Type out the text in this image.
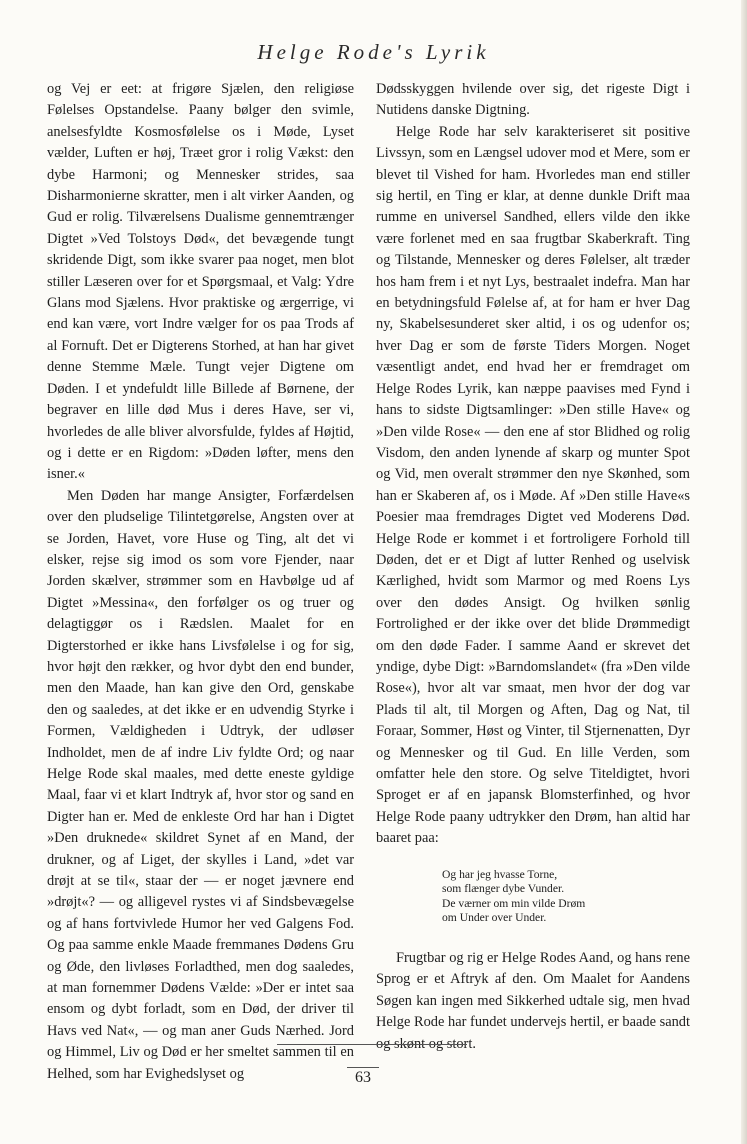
Helge Rode's Lyrik

og Vej er eet: at frigøre Sjælen, den religiøse Følelses Opstandelse. Paany bølger den svimle, anelsesfyldte Kosmosfølelse os i Møde, Lyset vælder, Luften er høj, Træet gror i rolig Vækst: den dybe Harmoni; og Mennesker strides, saa Disharmonierne skratter, men i alt virker Aanden, og Gud er rolig. Tilværelsens Dualisme gennemtrænger Digtet »Ved Tolstoys Død«, det bevægende tungt skridende Digt, som ikke svarer paa noget, men blot stiller Læseren over for et Spørgsmaal, et Valg: Ydre Glans mod Sjælens. Hvor praktiske og ærgerrige, vi end kan være, vort Indre vælger for os paa Trods af al Fornuft. Det er Digterens Storhed, at han har givet denne Stemme Mæle. Tungt vejer Digtene om Døden. I et yndefuldt lille Billede af Børnene, der begraver en lille død Mus i deres Have, ser vi, hvorledes de alle bliver alvorsfulde, fyldes af Højtid, og i dette er en Rigdom: »Døden løfter, mens den isner.«

Men Døden har mange Ansigter, Forfærdelsen over den pludselige Tilintetgørelse, Angsten over at se Jorden, Havet, vore Huse og Ting, alt det vi elsker, rejse sig imod os som vore Fjender, naar Jorden skælver, strømmer som en Havbølge ud af Digtet »Messina«, den forfølger os og truer og delagtiggør os i Rædslen. Maalet for en Digterstorhed er ikke hans Livsfølelse i og for sig, hvor højt den rækker, og hvor dybt den end bunder, men den Maade, han kan give den Ord, genskabe den og saaledes, at det ikke er en udvendig Styrke i Formen, Vældigheden i Udtryk, der udløser Indholdet, men de af indre Liv fyldte Ord; og naar Helge Rode skal maales, med dette eneste gyldige Maal, faar vi et klart Indtryk af, hvor stor og sand en Digter han er. Med de enkleste Ord har han i Digtet »Den druknede« skildret Synet af en Mand, der drukner, og af Liget, der skylles i Land, »det var drøjt at se til«, staar der — er noget jævnere end »drøjt«? — og alligevel rystes vi af Sindsbevægelse og af hans fortvivlede Humor her ved Galgens Fod. Og paa samme enkle Maade fremmanes Dødens Gru og Øde, den livløses Forladthed, men dog saaledes, at man fornemmer Dødens Vælde: »Der er intet saa ensom og dybt forladt, som en Død, der driver til Havs ved Nat«, — og man aner Guds Nærhed. Jord og Himmel, Liv og Død er her smeltet sammen til en Helhed, som har Evighedslyset og

Dødsskyggen hvilende over sig, det rigeste Digt i Nutidens danske Digtning.

Helge Rode har selv karakteriseret sit positive Livssyn, som en Længsel udover mod et Mere, som er blevet til Vished for ham. Hvorledes man end stiller sig hertil, en Ting er klar, at denne dunkle Drift maa rumme en universel Sandhed, ellers vilde den ikke være forlenet med en saa frugtbar Skaberkraft. Ting og Tilstande, Mennesker og deres Følelser, alt træder hos ham frem i et nyt Lys, bestraalet indefra. Man har en betydningsfuld Følelse af, at for ham er hver Dag ny, Skabelsesunderet sker altid, i os og udenfor os; hver Dag er som de første Tiders Morgen. Noget væsentligt andet, end hvad her er fremdraget om Helge Rodes Lyrik, kan næppe paavises med Fynd i hans to sidste Digtsamlinger: »Den stille Have« og »Den vilde Rose« — den ene af stor Blidhed og rolig Visdom, den anden lynende af skarp og munter Spot og Vid, men overalt strømmer den nye Skønhed, som han er Skaberen af, os i Møde. Af »Den stille Have«s Poesier maa fremdrages Digtet ved Moderens Død. Helge Rode er kommet i et fortroligere Forhold till Døden, det er et Digt af lutter Renhed og uselvisk Kærlighed, hvidt som Marmor og med Roens Lys over den dødes Ansigt. Og hvilken sønlig Fortrolighed er der ikke over det blide Drømmedigt om den døde Fader. I samme Aand er skrevet det yndige, dybe Digt: »Barndomslandet« (fra »Den vilde Rose«), hvor alt var smaat, men hvor der dog var Plads til alt, til Morgen og Aften, Dag og Nat, til Foraar, Sommer, Høst og Vinter, til Stjernenatten, Dyr og Mennesker og til Gud. En lille Verden, som omfatter hele den store. Og selve Titeldigtet, hvori Sproget er af en japansk Blomsterfinhed, og hvor Helge Rode paany udtrykker den Drøm, han altid har baaret paa:

Og har jeg hvasse Torne,
som flænger dybe Vunder.
De værner om min vilde Drøm
om Under over Under.

Frugtbar og rig er Helge Rodes Aand, og hans rene Sprog er et Aftryk af den. Om Maalet for Aandens Søgen kan ingen med Sikkerhed udtale sig, men hvad Helge Rode har fundet undervejs hertil, er baade sandt og skønt og stort.

63
